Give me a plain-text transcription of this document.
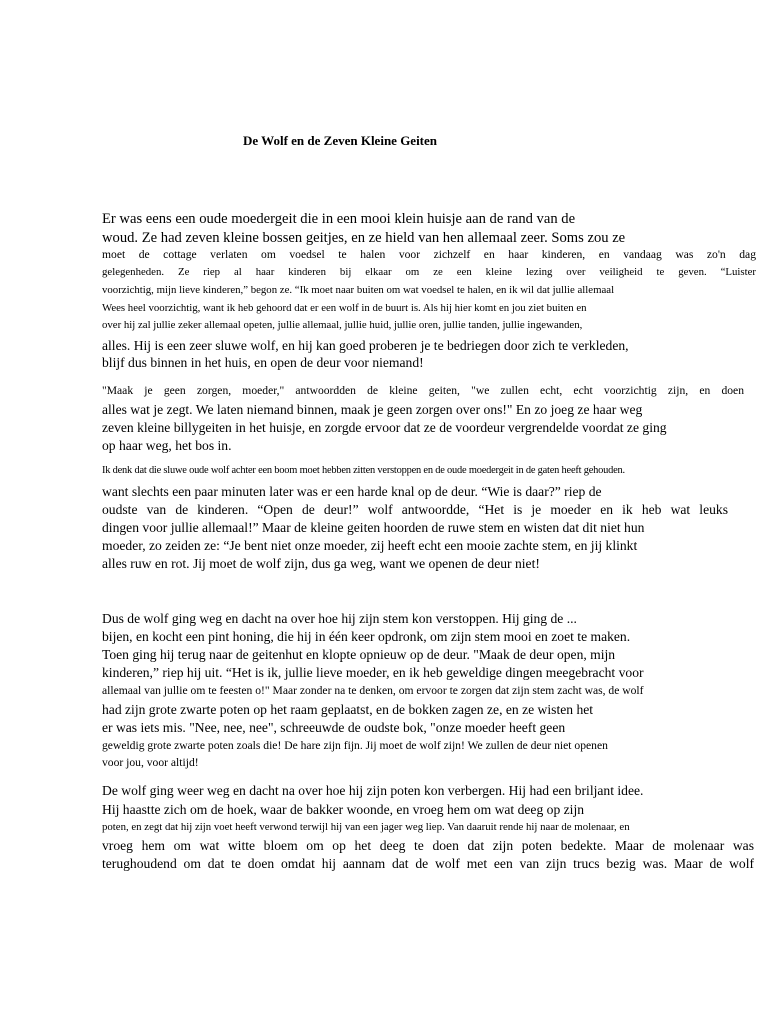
De Wolf en de Zeven Kleine Geiten
Er was eens een oude moedergeit die in een mooi klein huisje aan de rand van de
woud. Ze had zeven kleine bossen geitjes, en ze hield van hen allemaal zeer. Soms zou ze
moet de cottage verlaten om voedsel te halen voor zichzelf en haar kinderen, en vandaag was zo'n dag
gelegenheden. Ze riep al haar kinderen bij elkaar om ze een kleine lezing over veiligheid te geven. “Luister
voorzichtig, mijn lieve kinderen,” begon ze. “Ik moet naar buiten om wat voedsel te halen, en ik wil dat jullie allemaal
Wees heel voorzichtig, want ik heb gehoord dat er een wolf in de buurt is. Als hij hier komt en jou ziet buiten en
over hij zal jullie zeker allemaal opeten, jullie allemaal, jullie huid, jullie oren, jullie tanden, jullie ingewanden,
alles. Hij is een zeer sluwe wolf, en hij kan goed proberen je te bedriegen door zich te verkleden,
blijf dus binnen in het huis, en open de deur voor niemand!
"Maak je geen zorgen, moeder," antwoordden de kleine geiten, "we zullen echt, echt voorzichtig zijn, en doen
alles wat je zegt. We laten niemand binnen, maak je geen zorgen over ons!" En zo joeg ze haar weg
zeven kleine billygeiten in het huisje, en zorgde ervoor dat ze de voordeur vergrendelde voordat ze ging
op haar weg, het bos in.
Ik denk dat die sluwe oude wolf achter een boom moet hebben zitten verstoppen en de oude moedergeit in de gaten heeft gehouden.
want slechts een paar minuten later was er een harde knal op de deur. “Wie is daar?” riep de
oudste van de kinderen. “Open de deur!” wolf antwoordde, “Het is je moeder en ik heb wat leuks
dingen voor jullie allemaal!” Maar de kleine geiten hoorden de ruwe stem en wisten dat dit niet hun
moeder, zo zeiden ze: “Je bent niet onze moeder, zij heeft echt een mooie zachte stem, en jij klinkt
alles ruw en rot. Jij moet de wolf zijn, dus ga weg, want we openen de deur niet!
Dus de wolf ging weg en dacht na over hoe hij zijn stem kon verstoppen. Hij ging de ...
bijen, en kocht een pint honing, die hij in één keer opdronk, om zijn stem mooi en zoet te maken.
Toen ging hij terug naar de geitenhut en klopte opnieuw op de deur. "Maak de deur open, mijn
kinderen,” riep hij uit. “Het is ik, jullie lieve moeder, en ik heb geweldige dingen meegebracht voor
allemaal van jullie om te feesten o!" Maar zonder na te denken, om ervoor te zorgen dat zijn stem zacht was, de wolf
had zijn grote zwarte poten op het raam geplaatst, en de bokken zagen ze, en ze wisten het
er was iets mis. "Nee, nee, nee", schreeuwde de oudste bok, "onze moeder heeft geen
geweldig grote zwarte poten zoals die! De hare zijn fijn. Jij moet de wolf zijn! We zullen de deur niet openen
voor jou, voor altijd!
De wolf ging weer weg en dacht na over hoe hij zijn poten kon verbergen. Hij had een briljant idee.
Hij haastte zich om de hoek, waar de bakker woonde, en vroeg hem om wat deeg op zijn
poten, en zegt dat hij zijn voet heeft verwond terwijl hij van een jager weg liep. Van daaruit rende hij naar de molenaar, en
vroeg hem om wat witte bloem om op het deeg te doen dat zijn poten bedekte. Maar de molenaar was
terughoudend om dat te doen omdat hij aannam dat de wolf met een van zijn trucs bezig was. Maar de wolf
